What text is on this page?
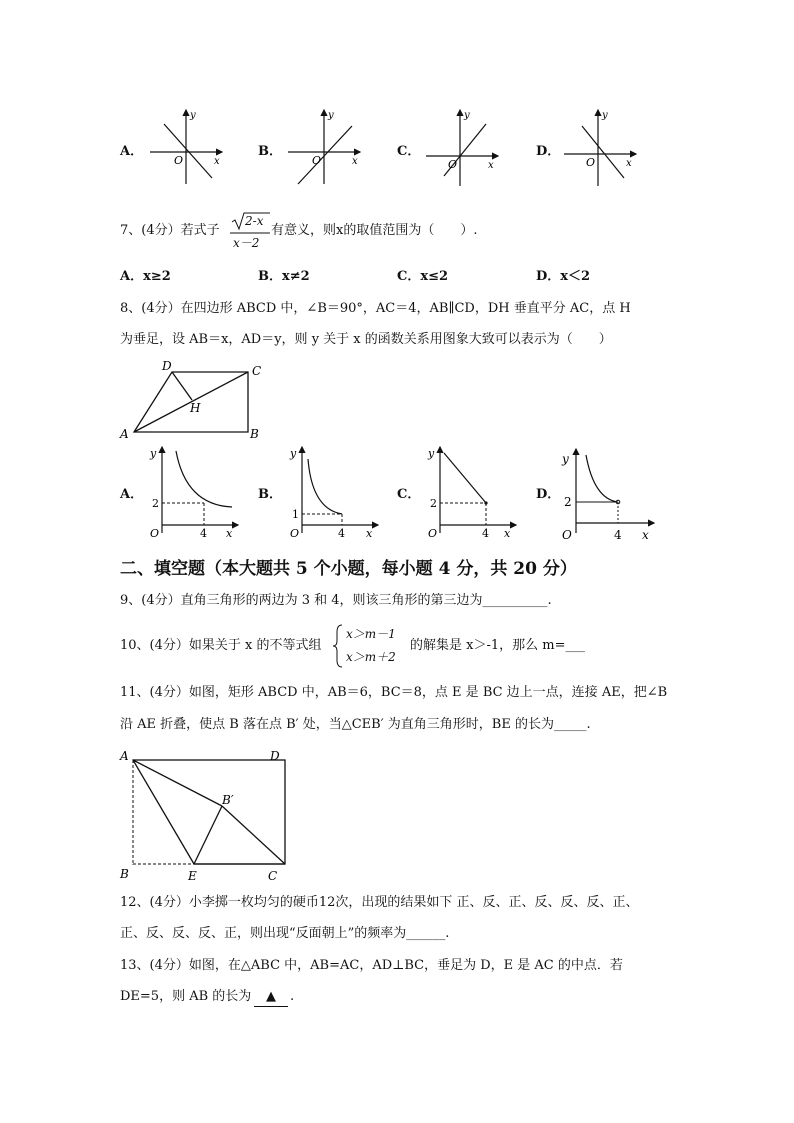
A．	B．	C．	D．
y
x
O
y
x
O
y
x
O
y
x
O
7、(4分）若式子
2-x
x－2
有意义，则x的取值范围为（　　）.
A．x≥2	B．x≠2	C．x≤2	D．x＜2
8、(4分）在四边形 ABCD 中，∠B＝90°，AC＝4，AB∥CD，DH 垂直平分 AC，点 H
为垂足，设 AB＝x，AD＝y，则 y 关于 x 的函数关系用图象大致可以表示为（　　）
D	C
H
A	B
A．	B．	C．	D．
y
x
O
2
4
y
x
O
1
4
y
x
O
2
4
y
x
O
2
4
二、填空题（本大题共 5 个小题，每小题 4 分，共 20 分）
9、(4分）直角三角形的两边为 3 和 4，则该三角形的第三边为__________.
10、(4分）如果关于 x 的不等式组
x＞m－1
x＞m＋2
的解集是 x＞-1，那么 m=___
11、(4分）如图，矩形 ABCD 中，AB＝6，BC＝8，点 E 是 BC 边上一点，连接 AE，把∠B
沿 AE 折叠，使点 B 落在点 B′ 处，当△CEB′ 为直角三角形时，BE 的长为_____.
A	D
B′
B	E	C
12、(4分）小李掷一枚均匀的硬币12次，出现的结果如下 正、反、正、反、反、反、正、
正、反、反、反、正，则出现“反面朝上”的频率为______.
13、(4分）如图，在△ABC 中，AB=AC，AD⊥BC，垂足为 D，E 是 AC 的中点．若
DE=5，则 AB 的长为	▲	.
